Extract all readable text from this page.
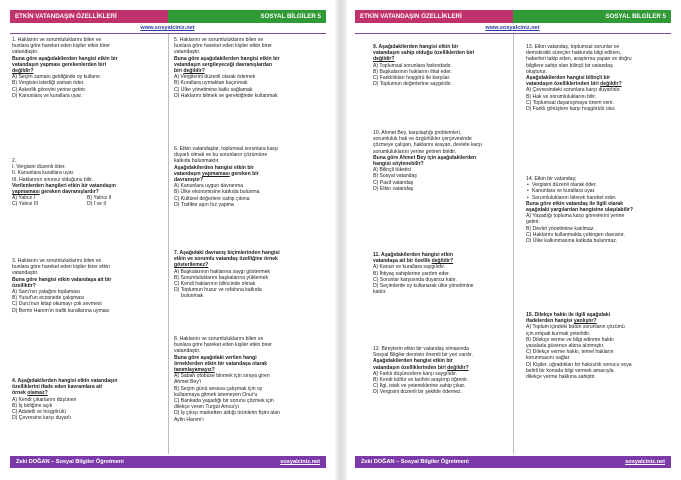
ETKİN VATANDAŞIN ÖZELLİKLERİ	SOSYAL BİLGİLER 5
www.sosyalciniz.net
1. Haklarını ve sorumluluklarını bilen ve
bunlara göre hareket eden kişiler etkin birer
vatandaştır.
Buna göre aşağıdakilerden hangisi etkin bir
vatandaşın yapması gerekenlerden biri
değildir?
A) Seçim zamanı geldiğinde oy kullanır.
B) Vergisini istediği zaman öder.
C) Askerlik görevini yerine getirir.
D) Kanunlara ve kurallara uyar.
2.
I. Vergisini düzenli öder.
II. Kanunlara kurallara uyar.
III. Haklarının sınırsız olduğunu bilir.
Verilenlerden hangileri etkin bir vatandaşın
yapmaması gereken davranışlardır?
A) Yalnız I	B) Yalnız II
C) Yalnız III	D) I ve II
3. Haklarını ve sorumluluklarını bilen ve
bunlara göre hareket eden kişiler birer etkin
vatandaştır.
Buna göre hangisi etkin vatandaşa ait bir
özelliktir?
A) Sanı'nın yatağını toplaması
B) Yusuf'un eczanede çalışması
C) Duru'nun kitap okumayı çok sevmesi
D) Berrin Hanım'ın trafik kurallarına uyması
4. Aşağıdakilerden hangisi etkin vatandaşın
özelliklerini ifade eden kavramlara ait
örnek olamaz?
A) Kendi çıkarlarını düşünen
B) İş birliğine açık
C) Adaletli ve hoşgörülü
D) Çevresine karşı duyarlı
5. Haklarını ve sorumluluklarını bilen ve
bunlara göre hareket eden kişiler etkin birer
vatandaştır.
Buna göre aşağıdakilerden hangisi etkin bir
vatandaşın sergileyeceği davranışlardan
biri değildir?
A) Vergilerini düzenli olarak ödemek
B) Kurallara uymaktan kaçınmak
C) Ülke yönetimine katkı sağlamak
D) Haklarını bilmek ve gerektiğinde kullanmak
6. Etkin vatandaşlar, toplumsal sorunlara karşı
duyarlı olmak ve bu sorunların çözümüne
katkıda bulunmaktır.
Aşağıdakilerden hangisi etkin bir
vatandaşın yapmaması gereken bir
davranıştır?
A) Kanunlara uygun davranma
B) Ülke ekonomisine katkıda bulunma
C) Kültürel değerlere sahip çıkma
D) Trafikte aşırı hız yapma
7. Aşağıdaki davranış biçimlerinden hangisi
etkin ve sorumlu vatandaş özelliğine örnek
gösterilemez?
A) Başkalarının haklarına saygı göstermek
B) Sorumluluklarını başkalarına yüklemek
C) Kendi haklarının bilincinde olmak
D) Toplumun huzur ve refahına katkıda
bulunmak
8. Haklarını ve sorumluluklarını bilen ve
bunlara göre hareket eden kişiler etkin birer
vatandaştır.
Buna göre aşağıdaki verilen hangi
örneklerden etkin bir vatandaşa olarak
tanımlayamayız?
A) Sabah otobüse binmek için sıraya giren
Ahmet Bey'i
B) Seçim günü sesava çalışmak için oy
kullanmaya gitmek istemeyen Onur'u
C) Bankada yaşadığı bir sorunu çözmek için
dilekçe veren Turgut Amca'yı
D) İş çıkışı marketten aldığı ürünlerin fişini alan
Aylin Hanım'ı
Zeki DOĞAN – Sosyal Bilgiler Öğretmeni	sosyalciniz.net
ETKİN VATANDAŞIN ÖZELLİKLERİ	SOSYAL BİLGİLER 5
www.sosyalciniz.net
9. Aşağıdakilerden hangisi etkin bir
vatandaşın sahip olduğu özelliklerden biri
değildir?
A) Toplumsal sorunlara farkındadır.
B) Başkalarının haklarını ihlal eder.
C) Farklılıkları hoşgörü ile karşılar.
D) Toplumun değerlerine saygılıdır.
10. Ahmet Bey, karşılaştığı problemleri,
sorumluluk hak ve özgürlükler çerçevesinde
çözmeye çalışan, haklarını arayan, devlete karşı
sorumluluklarını yerine getiren biridir.
Buna göre Ahmet Bey için aşağıdakilerden
hangisi söylenebilir?
A) Bilinçli tüketici
B) Sosyal vatandaş
C) Pasif vatandaş
D) Etkin vatandaş
11. Aşağıdakilerden hangisi etkin
vatandaşa ait bir özellik değildir?
A) Kanun ve kurallara saygılıdır.
B) İhtiyaç sahiplerine yardım eder.
C) Sorunlar karşısında duyarsız kalır.
D) Seçimlerde oy kullanarak ülke yönetimine
katılır.
12. Bireylerin etkin bir vatandaş olmasında
Sosyal Bilgiler dersinin önemli bir yeri vardır.
Aşağıdakilerden hangisi etkin bir
vatandaşın özelliklerinden biri değildir?
A) Farklı düşüncelere karşı saygılıdır.
B) Kendi kültür ve tarihini araştırıp öğrenir.
C) İlgi, istek ve yeteneklerine sahip çıkar.
D) Vergisini düzenli bir şekilde ödemez.
13. Etkin vatandaş, toplumsal sorunlar ve
demokratik süreçler hakkında bilgi edinen,
haberleri takip eden, araştırma yapan ve doğru
bilgilere sahip olan bilinçli bir vatandaş
oluşturur.
Aşağıdakilerden hangisi bilinçli bir
vatandaşın özelliklerinden biri değildir?
A) Çevresindeki sorunlara karşı duyarlıdır.
B) Hak ve sorumluluklarını bilir.
C) Toplumsal dayanışmaya önem verir.
D) Farklı görüşlere karşı hoşgörülü olur.
14. Etkin bir vatandaş;
• Vergisini düzenli olarak öder.
• Kanunlara ve kurallara uyar.
• Sorumluluklarını bilerek hareket eder.
Buna göre etkin vatandaş ile ilgili olarak
aşağıdaki yargılardan hangisine ulaşılabilir?
A) Yaşadığı topluma karşı görevlerini yerine
getirir.
B) Devlet yönetimine katılmaz.
C) Haklarını kullanmakta çekingen davranır.
D) Ülke kalkınmasına katkıda bulunmaz.
15. Dilekçe hakkı ile ilgili aşağıdaki
ifadelerden hangisi yanlıştır?
A) Toplum içindeki bütün sorunların çözümü
için empati kurmak yeterlidir.
B) Dilekçe verme ve bilgi edinme hakkı
yasalarla güvence altına alınmıştır.
C) Dilekçe verme hakkı, temel hakların
korunmasını sağlar.
D) Kişiler, uğradıkları bir haksızlık sonucu veya
belirli bir konuda bilgi vermek amacıyla
dilekçe verme hakkına sahiptir.
Zeki DOĞAN – Sosyal Bilgiler Öğretmeni	sosyalciniz.net
